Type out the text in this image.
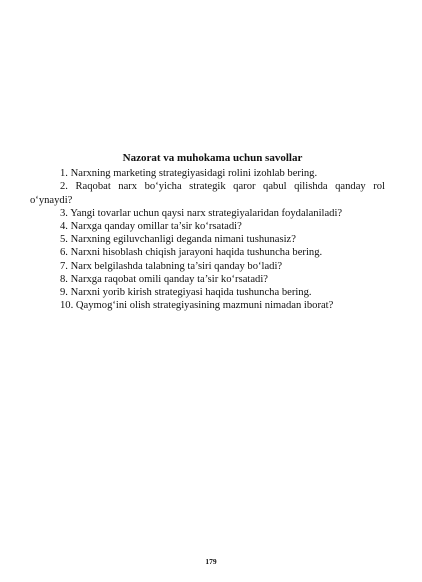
Nazorat va muhokama uchun savollar

1. Narxning marketing strategiyasidagi rolini izohlab bering.

2. Raqobat narx bo‘yicha strategik qaror qabul qilishda qanday rol o‘ynaydi?

3. Yangi tovarlar uchun qaysi narx strategiyalaridan foydalaniladi?

4. Narxga qanday omillar ta’sir ko‘rsatadi?

5. Narxning egiluvchanligi deganda nimani tushunasiz?

6. Narxni hisoblash chiqish jarayoni haqida tushuncha bering.

7. Narx belgilashda talabning ta’siri qanday bo‘ladi?

8. Narxga raqobat omili qanday ta’sir ko‘rsatadi?

9. Narxni yorib kirish strategiyasi haqida tushuncha bering.

10. Qaymog‘ini olish strategiyasining mazmuni nimadan iborat?

179
